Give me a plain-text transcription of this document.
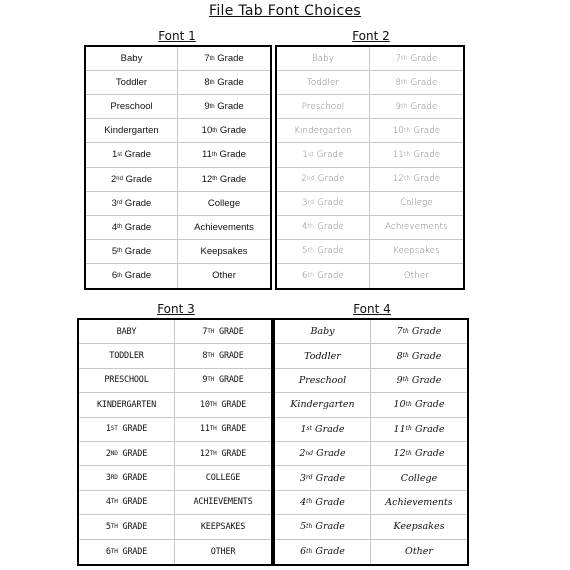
File Tab Font Choices
Font 1
Baby	7 th Grade
Toddler	8 th Grade
Preschool	9 th Grade
Kindergarten	10 th Grade
1 st Grade	11 th Grade
2 nd Grade	12 th Grade
3 rd Grade	College
4 th Grade	Achievements
5 th Grade	Keepsakes
6 th Grade	Other
Font 2
Baby	7 th Grade
Toddler	8 th Grade
Preschool	9 th Grade
Kindergarten	10 th Grade
1 st Grade	11 th Grade
2 nd Grade	12 th Grade
3 rd Grade	College
4 th Grade	Achievements
5 th Grade	Keepsakes
6 th Grade	Other
Font 3
BABY	7 TH GRADE
TODDLER	8 TH GRADE
PRESCHOOL	9 TH GRADE
KINDERGARTEN	10 TH GRADE
1 ST GRADE	11 TH GRADE
2 ND GRADE	12 TH GRADE
3 RD GRADE	COLLEGE
4 TH GRADE	ACHIEVEMENTS
5 TH GRADE	KEEPSAKES
6 TH GRADE	OTHER
Font 4
Baby	7 th Grade
Toddler	8 th Grade
Preschool	9 th Grade
Kindergarten	10 th Grade
1 st Grade	11 th Grade
2 nd Grade	12 th Grade
3 rd Grade	College
4 th Grade	Achievements
5 th Grade	Keepsakes
6 th Grade	Other
